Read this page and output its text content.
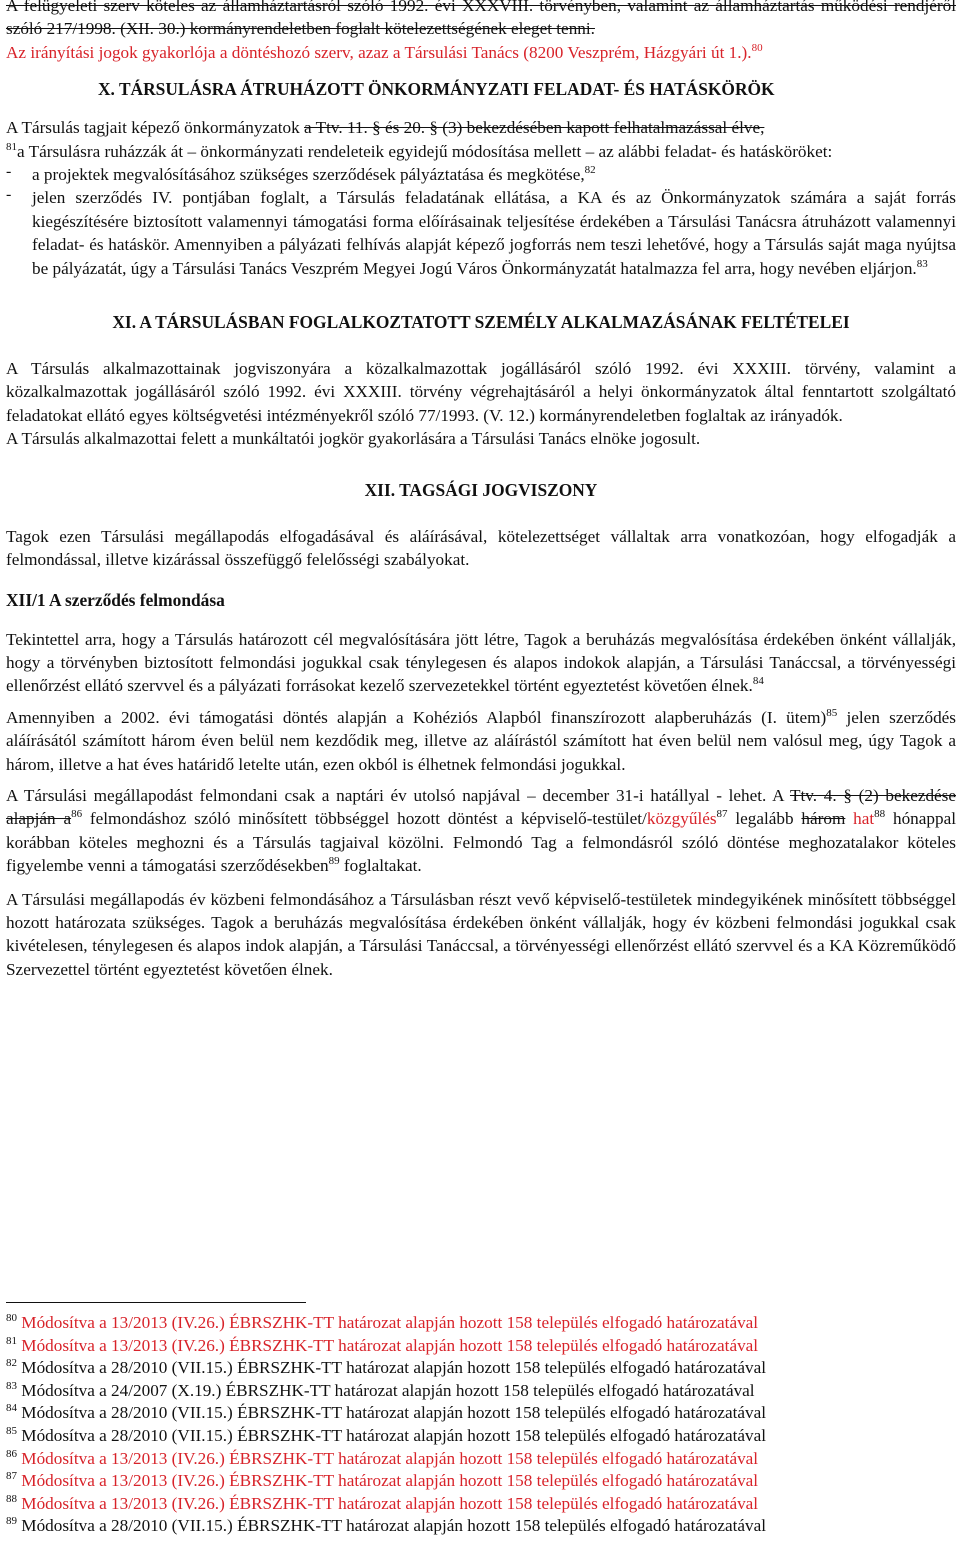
A felügyeleti szerv köteles az államháztartásról szóló 1992. évi XXXVIII. törvényben, valamint az államháztartás működési rendjéről szóló 217/1998. (XII. 30.) kormányrendeletben foglalt kötelezettségének eleget tenni.

Az irányítási jogok gyakorlója a döntéshozó szerv, azaz a Társulási Tanács (8200 Veszprém, Házgyári út 1.).$^{80}$

X. TÁRSULÁSRA ÁTRUHÁZOTT ÖNKORMÁNYZATI FELADAT- ÉS HATÁSKÖRÖK

A Társulás tagjait képező önkormányzatok a Ttv. 11. § és 20. § (3) bekezdésében kapott felhatalmazással élve,
$^{81}$a Társulásra ruházzák át – önkormányzati rendeleteik egyidejű módosítása mellett – az alábbi feladat- és hatásköröket:

-	a projektek megvalósításához szükséges szerződések pályáztatása és megkötése,$^{82}$

-	jelen szerződés IV. pontjában foglalt, a Társulás feladatának ellátása, a KA és az Önkormányzatok számára a saját forrás kiegészítésére biztosított valamennyi támogatási forma előírásainak teljesítése érdekében a Társulási Tanácsra átruházott valamennyi feladat- és hatáskör. Amennyiben a pályázati felhívás alapját képező jogforrás nem teszi lehetővé, hogy a Társulás saját maga nyújtsa be pályázatát, úgy a Társulási Tanács Veszprém Megyei Jogú Város Önkormányzatát hatalmazza fel arra, hogy nevében eljárjon.$^{83}$

XI. A TÁRSULÁSBAN FOGLALKOZTATOTT SZEMÉLY ALKALMAZÁSÁNAK FELTÉTELEI

A Társulás alkalmazottainak jogviszonyára a közalkalmazottak jogállásáról szóló 1992. évi XXXIII. törvény, valamint a közalkalmazottak jogállásáról szóló 1992. évi XXXIII. törvény végrehajtásáról a helyi önkormányzatok által fenntartott szolgáltató feladatokat ellátó egyes költségvetési intézményekről szóló 77/1993. (V. 12.) kormányrendeletben foglaltak az irányadók.

A Társulás alkalmazottai felett a munkáltatói jogkör gyakorlására a Társulási Tanács elnöke jogosult.

XII. TAGSÁGI JOGVISZONY

Tagok ezen Társulási megállapodás elfogadásával és aláírásával, kötelezettséget vállaltak arra vonatkozóan, hogy elfogadják a felmondással, illetve kizárással összefüggő felelősségi szabályokat.

XII/1 A szerződés felmondása

Tekintettel arra, hogy a Társulás határozott cél megvalósítására jött létre, Tagok a beruházás megvalósítása érdekében önként vállalják, hogy a törvényben biztosított felmondási jogukkal csak ténylegesen és alapos indokok alapján, a Társulási Tanáccsal, a törvényességi ellenőrzést ellátó szervvel és a pályázati forrásokat kezelő szervezetekkel történt egyeztetést követően élnek.$^{84}$

Amennyiben a 2002. évi támogatási döntés alapján a Kohéziós Alapból finanszírozott alapberuházás (I. ütem)$^{85}$ jelen szerződés aláírásától számított három éven belül nem kezdődik meg, illetve az aláírástól számított hat éven belül nem valósul meg, úgy Tagok a három, illetve a hat éves határidő letelte után, ezen okból is élhetnek felmondási jogukkal.

A Társulási megállapodást felmondani csak a naptári év utolsó napjával – december 31-i hatállyal - lehet. A Ttv. 4. § (2) bekezdése alapján $a^{86}$ felmondáshoz szóló minősített többséggel hozott döntést a képviselő-testület/közgyűlés$^{87}$ legalább három hat$^{88}$ hónappal korábban köteles meghozni és a Társulás tagjaival közölni. Felmondó Tag a felmondásról szóló döntése meghozatalakor köteles figyelembe venni a támogatási szerződésekben$^{89}$ foglaltakat.

A Társulási megállapodás év közbeni felmondásához a Társulásban részt vevő képviselő-testületek mindegyikének minősített többséggel hozott határozata szükséges. Tagok a beruházás megvalósítása érdekében önként vállalják, hogy év közbeni felmondási jogukkal csak kivételesen, ténylegesen és alapos indok alapján, a Társulási Tanáccsal, a törvényességi ellenőrzést ellátó szervvel és a KA Közreműködő Szervezettel történt egyeztetést követően élnek.

$^{80}$ Módosítva a 13/2013 (IV.26.) ÉBRSZHK-TT határozat alapján hozott 158 település elfogadó határozatával
$^{81}$ Módosítva a 13/2013 (IV.26.) ÉBRSZHK-TT határozat alapján hozott 158 település elfogadó határozatával
$^{82}$ Módosítva a 28/2010 (VII.15.) ÉBRSZHK-TT határozat alapján hozott 158 település elfogadó határozatával
$^{83}$ Módosítva a 24/2007 (X.19.) ÉBRSZHK-TT határozat alapján hozott 158 település elfogadó határozatával
$^{84}$ Módosítva a 28/2010 (VII.15.) ÉBRSZHK-TT határozat alapján hozott 158 település elfogadó határozatával
$^{85}$ Módosítva a 28/2010 (VII.15.) ÉBRSZHK-TT határozat alapján hozott 158 település elfogadó határozatával
$^{86}$ Módosítva a 13/2013 (IV.26.) ÉBRSZHK-TT határozat alapján hozott 158 település elfogadó határozatával
$^{87}$ Módosítva a 13/2013 (IV.26.) ÉBRSZHK-TT határozat alapján hozott 158 település elfogadó határozatával
$^{88}$ Módosítva a 13/2013 (IV.26.) ÉBRSZHK-TT határozat alapján hozott 158 település elfogadó határozatával
$^{89}$ Módosítva a 28/2010 (VII.15.) ÉBRSZHK-TT határozat alapján hozott 158 település elfogadó határozatával
